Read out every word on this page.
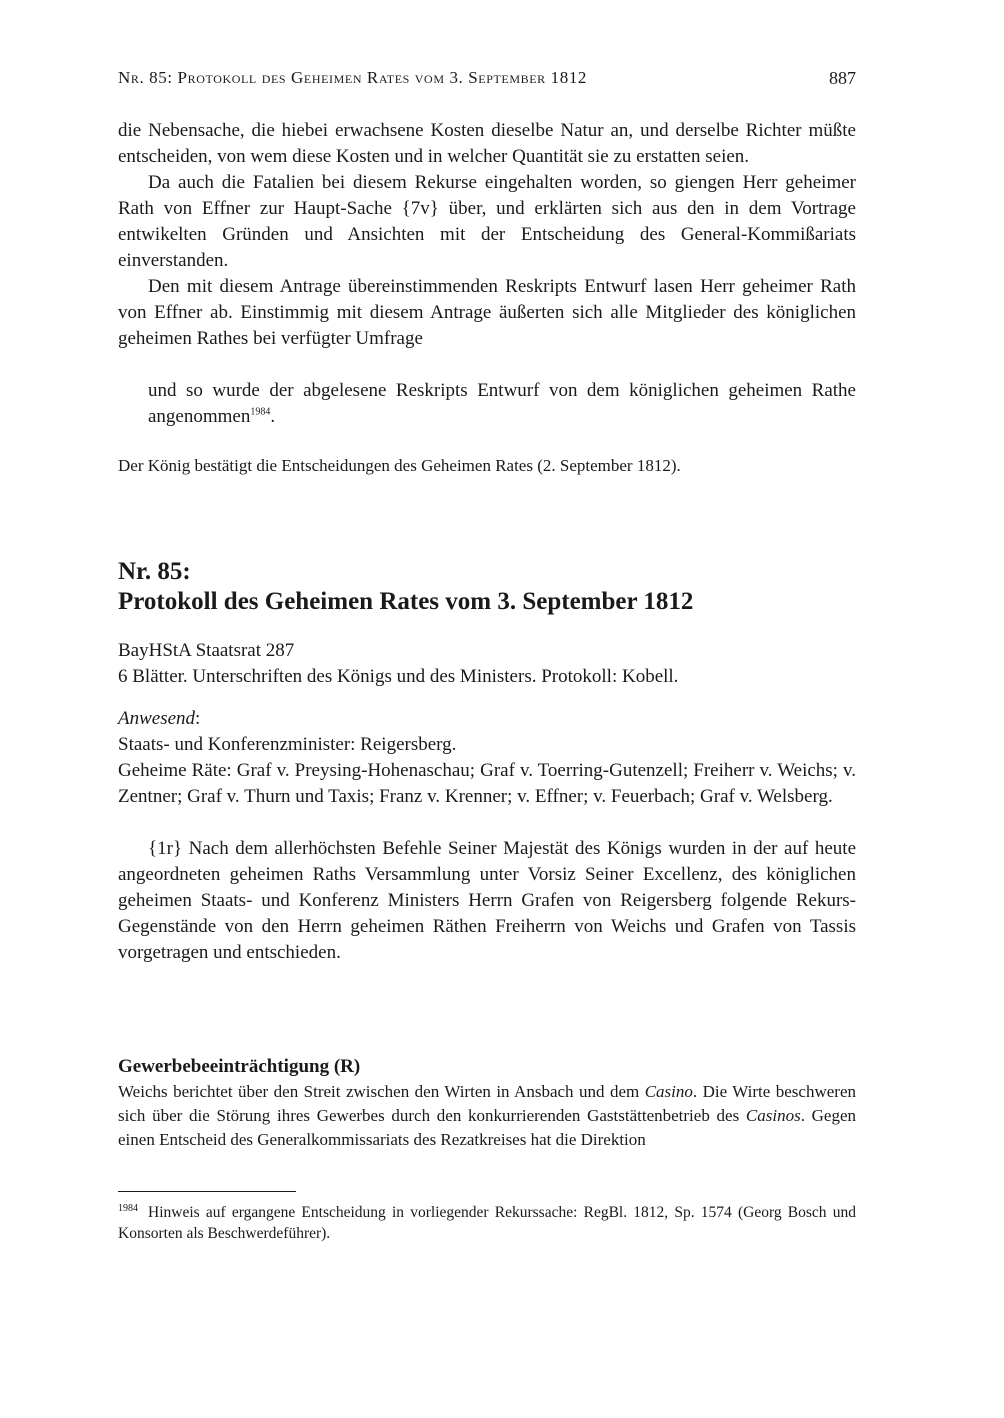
Nr. 85: Protokoll des Geheimen Rates vom 3. September 1812	887

die Nebensache, die hiebei erwachsene Kosten dieselbe Natur an, und derselbe Richter müßte entscheiden, von wem diese Kosten und in welcher Quantität sie zu erstatten seien.

Da auch die Fatalien bei diesem Rekurse eingehalten worden, so giengen Herr geheimer Rath von Effner zur Haupt-Sache {7v} über, und erklärten sich aus den in dem Vortrage entwikelten Gründen und Ansichten mit der Entscheidung des General-Kommißariats einverstanden.

Den mit diesem Antrage übereinstimmenden Reskripts Entwurf lasen Herr geheimer Rath von Effner ab. Einstimmig mit diesem Antrage äußerten sich alle Mitglieder des königlichen geheimen Rathes bei verfügter Umfrage

und so wurde der abgelesene Reskripts Entwurf von dem königlichen geheimen Rathe angenommen$^{1984}$.

Der König bestätigt die Entscheidungen des Geheimen Rates (2. September 1812).

Nr. 85:
Protokoll des Geheimen Rates vom 3. September 1812

BayHStA Staatsrat 287

6 Blätter. Unterschriften des Königs und des Ministers. Protokoll: Kobell.

Anwesend:

Staats- und Konferenzminister: Reigersberg.

Geheime Räte: Graf v. Preysing-Hohenaschau; Graf v. Toerring-Gutenzell; Freiherr v. Weichs; v. Zentner; Graf v. Thurn und Taxis; Franz v. Krenner; v. Effner; v. Feuerbach; Graf v. Welsberg.

{1r} Nach dem allerhöchsten Befehle Seiner Majestät des Königs wurden in der auf heute angeordneten geheimen Raths Versammlung unter Vorsiz Seiner Excellenz, des königlichen geheimen Staats- und Konferenz Ministers Herrn Grafen von Reigersberg folgende Rekurs-Gegenstände von den Herrn geheimen Räthen Freiherrn von Weichs und Grafen von Tassis vorgetragen und entschieden.

Gewerbebeeinträchtigung (R)

Weichs berichtet über den Streit zwischen den Wirten in Ansbach und dem Casino. Die Wirte beschweren sich über die Störung ihres Gewerbes durch den konkurrierenden Gaststättenbetrieb des Casinos. Gegen einen Entscheid des Generalkommissariats des Rezatkreises hat die Direktion

$^{1984}$ Hinweis auf ergangene Entscheidung in vorliegender Rekurssache: RegBl. 1812, Sp. 1574 (Georg Bosch und Konsorten als Beschwerdeführer).
